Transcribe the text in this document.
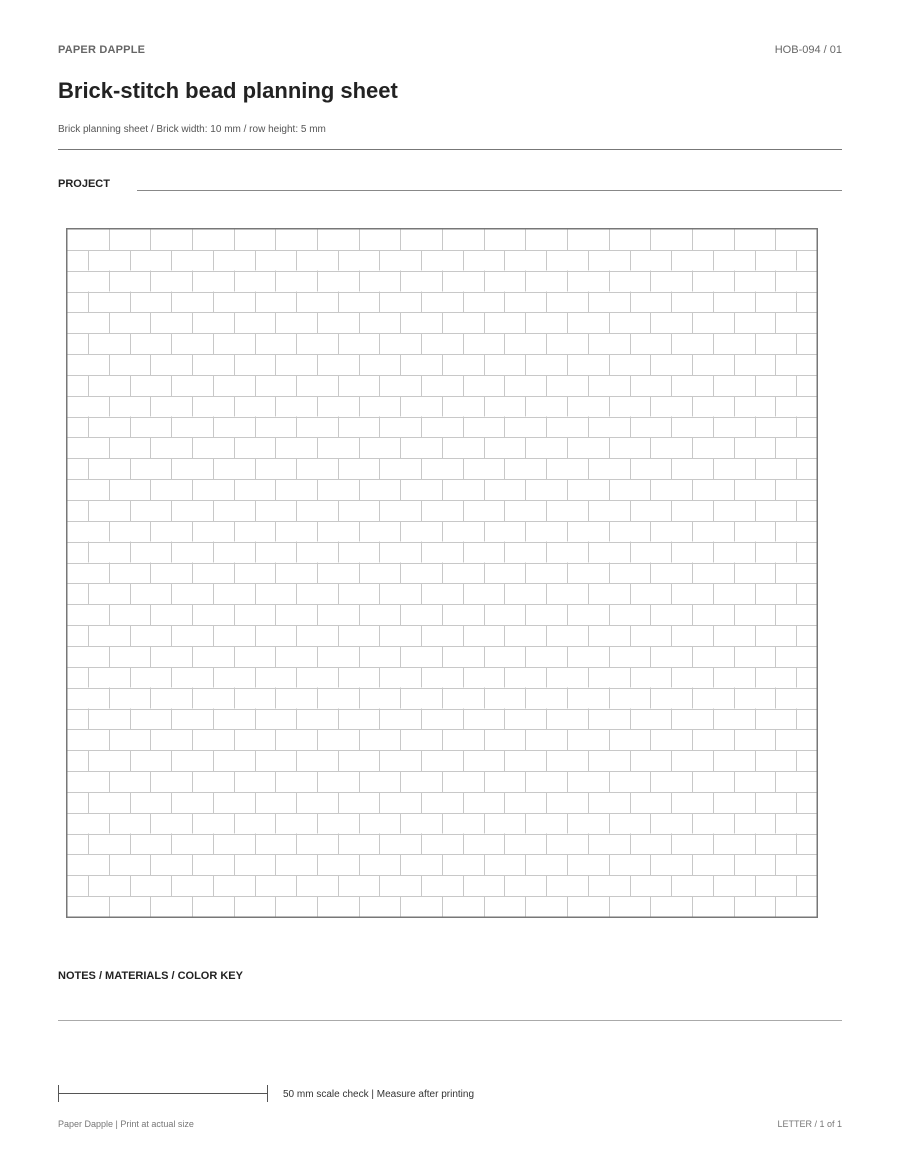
PAPER DAPPLE	HOB-094 / 01
Brick-stitch bead planning sheet
Brick planning sheet / Brick width: 10 mm / row height: 5 mm
PROJECT
NOTES / MATERIALS / COLOR KEY
50 mm scale check | Measure after printing
Paper Dapple | Print at actual size	LETTER / 1 of 1
